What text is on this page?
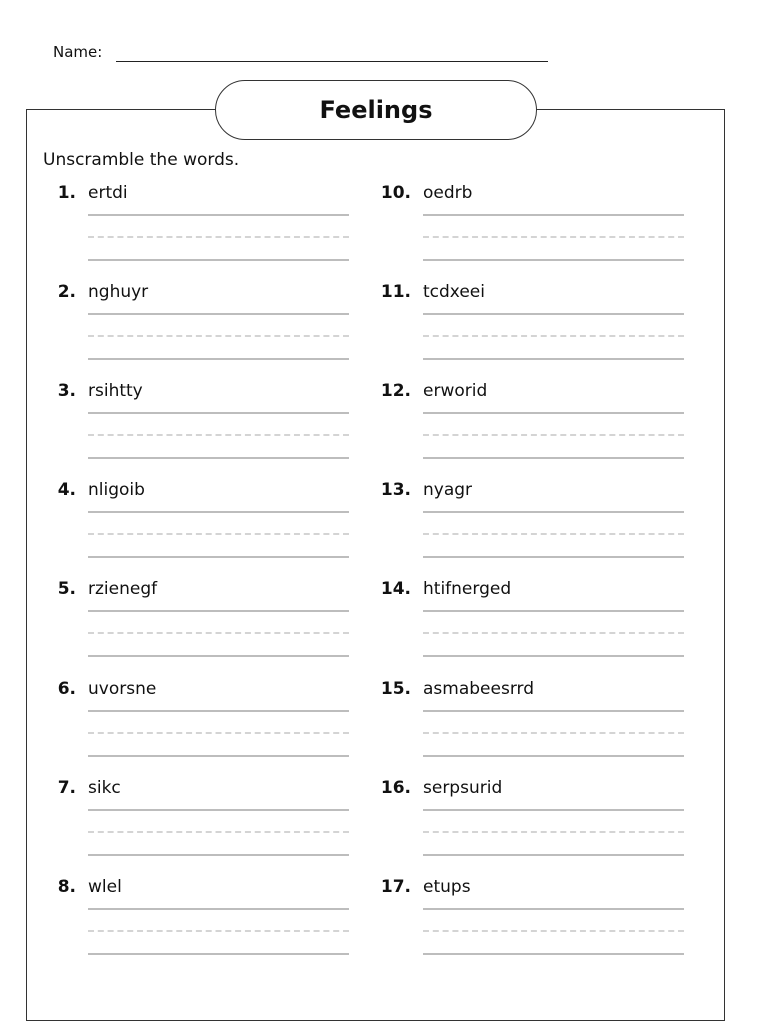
Name:
Feelings
Unscramble the words.
1. ertdi
2. nghuyr
3. rsihtty
4. nligoib
5. rzienegf
6. uvorsne
7. sikc
8. wlel
10. oedrb
11. tcdxeei
12. erworid
13. nyagr
14. htifnerged
15. asmabeesrrd
16. serpsurid
17. etups
